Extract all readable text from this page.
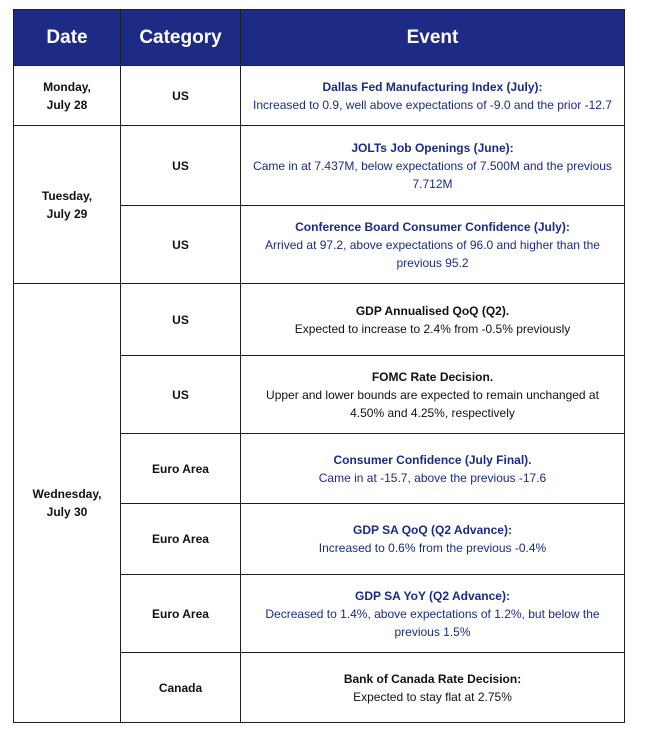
Date	Category	Event
Monday,
July 28	US	Dallas Fed Manufacturing Index (July):
Increased to 0.9, well above expectations of -9.0 and the prior -12.7

Tuesday,
July 29	US	JOLTs Job Openings (June):
Came in at 7.437M, below expectations of 7.500M and the previous 7.712M

	US	Conference Board Consumer Confidence (July):
Arrived at 97.2, above expectations of 96.0 and higher than the previous 95.2

Wednesday,
July 30	US	GDP Annualised QoQ (Q2).
Expected to increase to 2.4% from -0.5% previously

	US	FOMC Rate Decision.
Upper and lower bounds are expected to remain unchanged at 4.50% and 4.25%, respectively

	Euro Area	Consumer Confidence (July Final).
Came in at -15.7, above the previous -17.6

	Euro Area	GDP SA QoQ (Q2 Advance):
Increased to 0.6% from the previous -0.4%

	Euro Area	GDP SA YoY (Q2 Advance):
Decreased to 1.4%, above expectations of 1.2%, but below the previous 1.5%

	Canada	Bank of Canada Rate Decision:
Expected to stay flat at 2.75%
